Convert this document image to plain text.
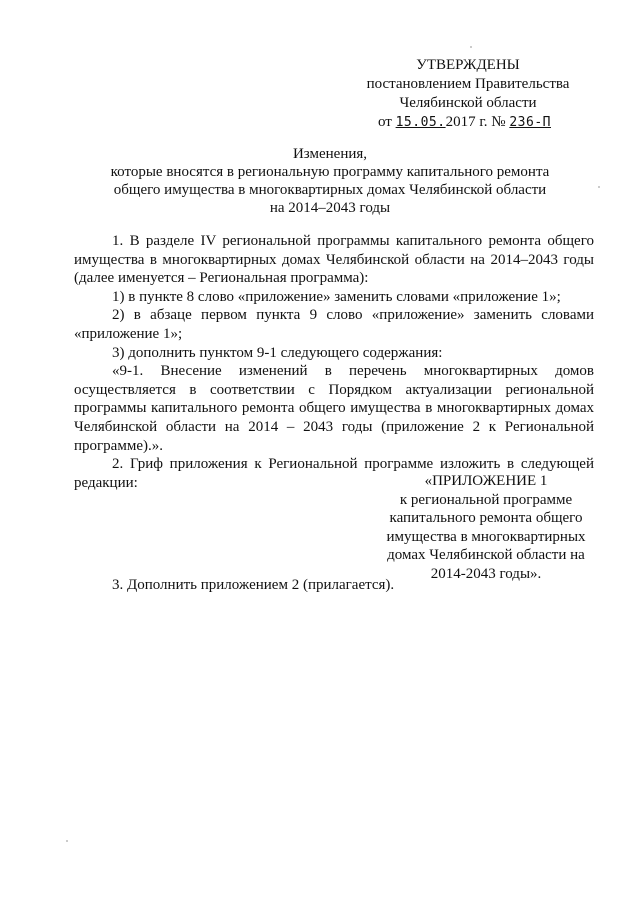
УТВЕРЖДЕНЫ
постановлением Правительства
Челябинской области
от 15.05.2017 г. № 236-П
Изменения,
которые вносятся в региональную программу капитального ремонта
общего имущества в многоквартирных домах Челябинской области
на 2014–2043 годы

1. В разделе IV региональной программы капитального ремонта общего имущества в многоквартирных домах Челябинской области на 2014–2043 годы (далее именуется – Региональная программа):

1) в пункте 8 слово «приложение» заменить словами «приложение 1»;

2) в абзаце первом пункта 9 слово «приложение» заменить словами «приложение 1»;

3) дополнить пунктом 9-1 следующего содержания:

«9-1. Внесение изменений в перечень многоквартирных домов осуществляется в соответствии с Порядком актуализации региональной программы капитального ремонта общего имущества в многоквартирных домах Челябинской области на 2014 – 2043 годы (приложение 2 к Региональной программе).».

2. Гриф приложения к Региональной программе изложить в следующей редакции:	«ПРИЛОЖЕНИЕ 1
к региональной программе
капитального ремонта общего
имущества в многоквартирных
домах Челябинской области на
2014-2043 годы».
3. Дополнить приложением 2 (прилагается).
